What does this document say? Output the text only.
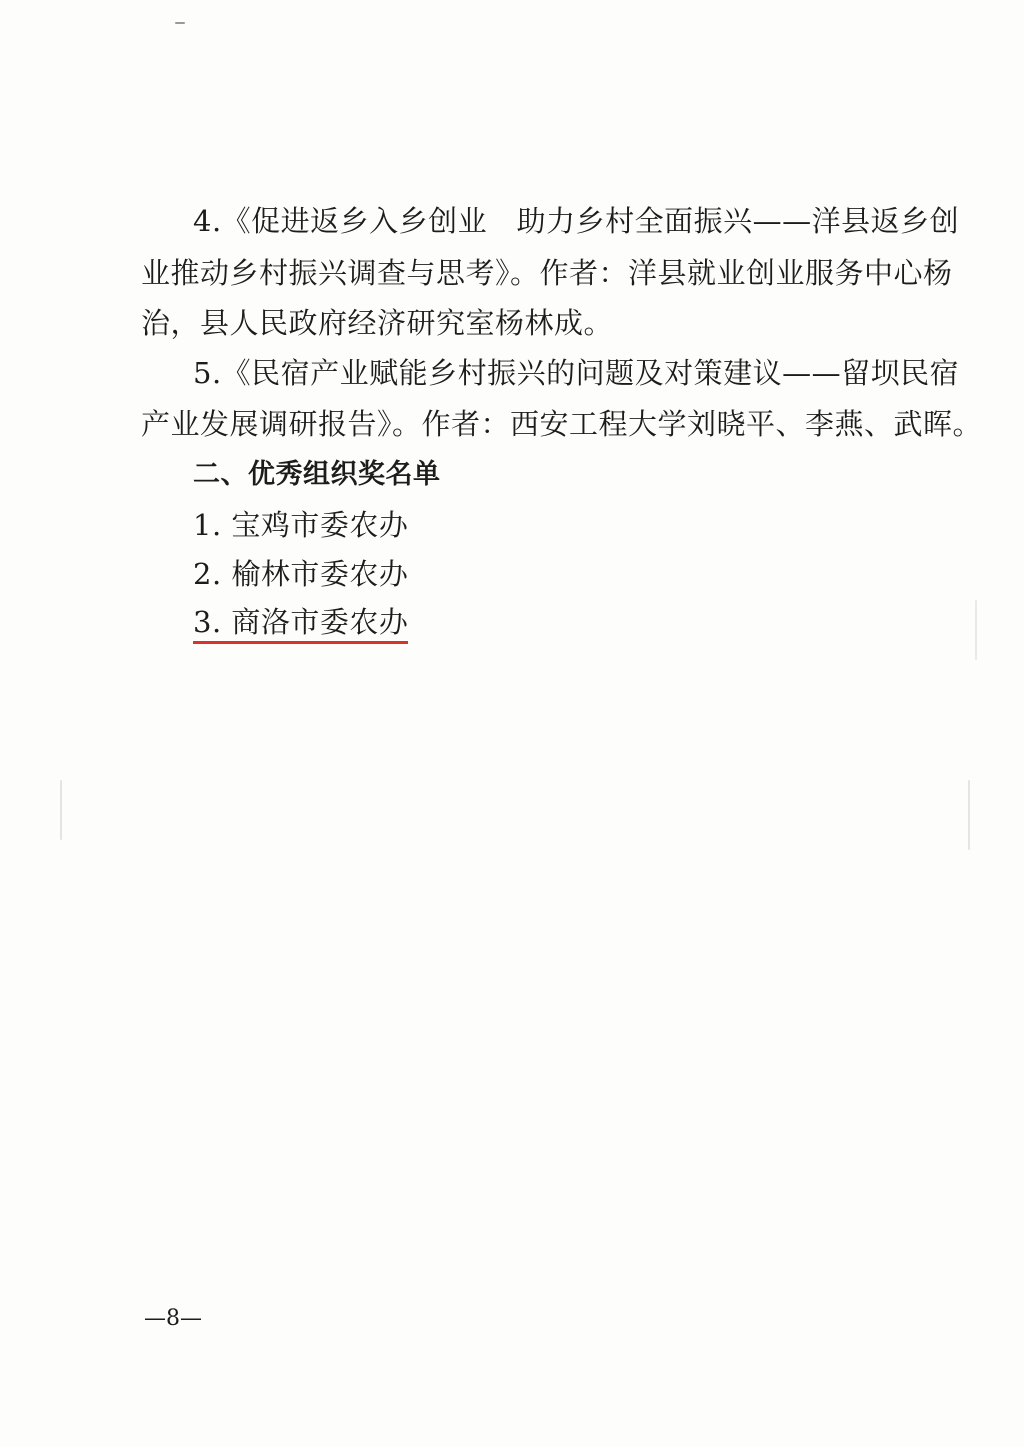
4.《促进返乡入乡创业　助力乡村全面振兴——洋县返乡创
业推动乡村振兴调查与思考》。作者：洋县就业创业服务中心杨
治，县人民政府经济研究室杨林成。
5.《民宿产业赋能乡村振兴的问题及对策建议——留坝民宿
产业发展调研报告》。作者：西安工程大学刘晓平、李燕、武晖。
二、优秀组织奖名单
1. 宝鸡市委农办
2. 榆林市委农办
3. 商洛市委农办
—8—
